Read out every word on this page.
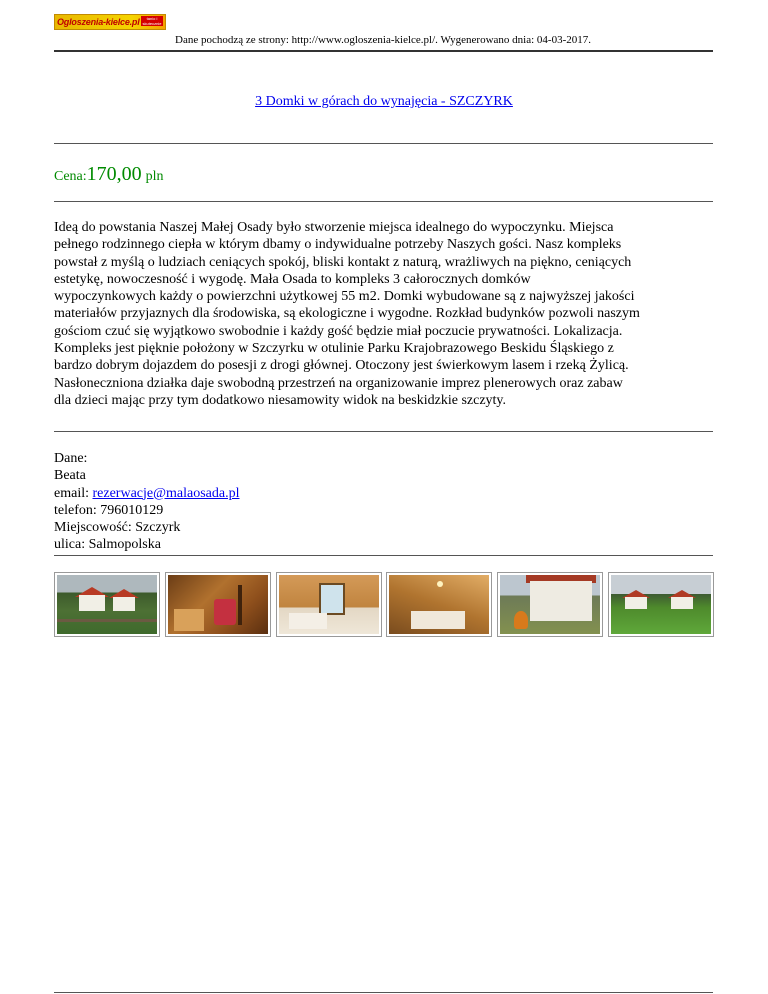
Ogloszenia-kielce.pl	tanio i skutecznie
Dane pochodzą ze strony: http://www.ogloszenia-kielce.pl/. Wygenerowano dnia: 04-03-2017.
3 Domki w górach do wynajęcia - SZCZYRK
Cena:170,00 pln
Ideą do powstania Naszej Małej Osady było stworzenie miejsca idealnego do wypoczynku. Miejsca
pełnego rodzinnego ciepła w którym dbamy o indywidualne potrzeby Naszych gości. Nasz kompleks
powstał z myślą o ludziach ceniących spokój, bliski kontakt z naturą, wrażliwych na piękno, ceniących
estetykę, nowoczesność i wygodę. Mała Osada to kompleks 3 całorocznych domków
wypoczynkowych każdy o powierzchni użytkowej 55 m2. Domki wybudowane są z najwyższej jakości
materiałów przyjaznych dla środowiska, są ekologiczne i wygodne. Rozkład budynków pozwoli naszym
gościom czuć się wyjątkowo swobodnie i każdy gość będzie miał poczucie prywatności. Lokalizacja.
Kompleks jest pięknie położony w Szczyrku w otulinie Parku Krajobrazowego Beskidu Śląskiego z
bardzo dobrym dojazdem do posesji z drogi głównej. Otoczony jest świerkowym lasem i rzeką Żylicą.
Nasłoneczniona działka daje swobodną przestrzeń na organizowanie imprez plenerowych oraz zabaw
dla dzieci mając przy tym dodatkowo niesamowity widok na beskidzkie szczyty.
Dane:
Beata
email: rezerwacje@malaosada.pl
telefon: 796010129
Miejscowość: Szczyrk
ulica: Salmopolska
